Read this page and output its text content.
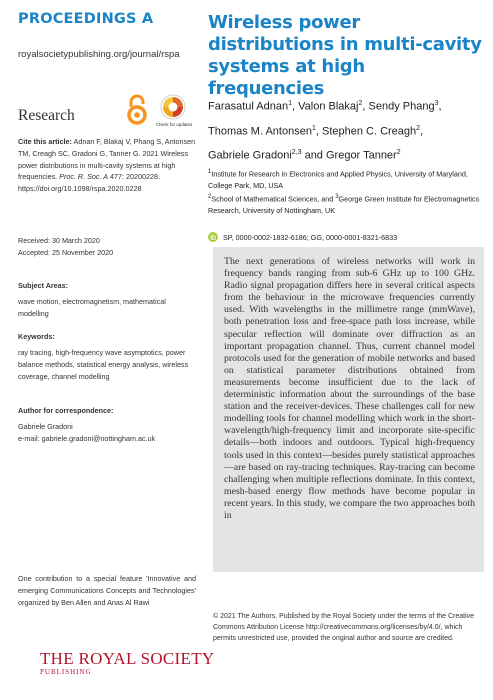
PROCEEDINGS A
royalsocietypublishing.org/journal/rspa
Research
Check for updates
Cite this article: Adnan F, Blakaj V, Phang S, Antonsen TM, Creagh SC, Gradoni G, Tanner G. 2021 Wireless power distributions in multi-cavity systems at high frequencies. Proc. R. Soc. A 477: 20200228.
https://doi.org/10.1098/rspa.2020.0228
Received: 30 March 2020
Accepted: 25 November 2020
Subject Areas:
wave motion, electromagnetism, mathematical modelling
Keywords:
ray tracing, high-frequency wave asymptotics, power balance methods, statistical energy analysis, wireless coverage, channel modelling
Author for correspondence:
Gabriele Gradoni
e-mail: gabriele.gradoni@nottingham.ac.uk
One contribution to a special feature 'Innovative and emerging Communications Concepts and Technologies' organized by Ben Allen and Anas Al Rawi
THE ROYAL SOCIETY
PUBLISHING
Wireless power distributions in multi-cavity systems at high frequencies
Farasatul Adnan$^1$, Valon Blakaj$^2$, Sendy Phang$^3$,
Thomas M. Antonsen$^1$, Stephen C. Creagh$^2$,
Gabriele Gradoni$^{2,3}$ and Gregor Tanner$^2$
$^1$Institute for Research in Electronics and Applied Physics, University of Maryland, College Park, MD, USA
$^2$School of Mathematical Sciences, and $^3$George Green Institute for Electromagnetics Research, University of Nottingham, UK
SP, 0000-0002-1832-6186; GG, 0000-0001-8321-6833

The next generations of wireless networks will work in frequency bands ranging from sub-6 GHz up to 100 GHz. Radio signal propagation differs here in several critical aspects from the behaviour in the microwave frequencies currently used. With wavelengths in the millimetre range (mmWave), both penetration loss and free-space path loss increase, while specular reflection will dominate over diffraction as an important propagation channel. Thus, current channel model protocols used for the generation of mobile networks and based on statistical parameter distributions obtained from measurements become insufficient due to the lack of deterministic information about the surroundings of the base station and the receiver-devices. These challenges call for new modelling tools for channel modelling which work in the short-wavelength/high-frequency limit and incorporate site-specific details—both indoors and outdoors. Typical high-frequency tools used in this context—besides purely statistical approaches—are based on ray-tracing techniques. Ray-tracing can become challenging when multiple reflections dominate. In this context, mesh-based energy flow methods have become popular in recent years. In this study, we compare the two approaches both in

© 2021 The Authors. Published by the Royal Society under the terms of the Creative Commons Attribution License http://creativecommons.org/licenses/by/4.0/, which permits unrestricted use, provided the original author and source are credited.
